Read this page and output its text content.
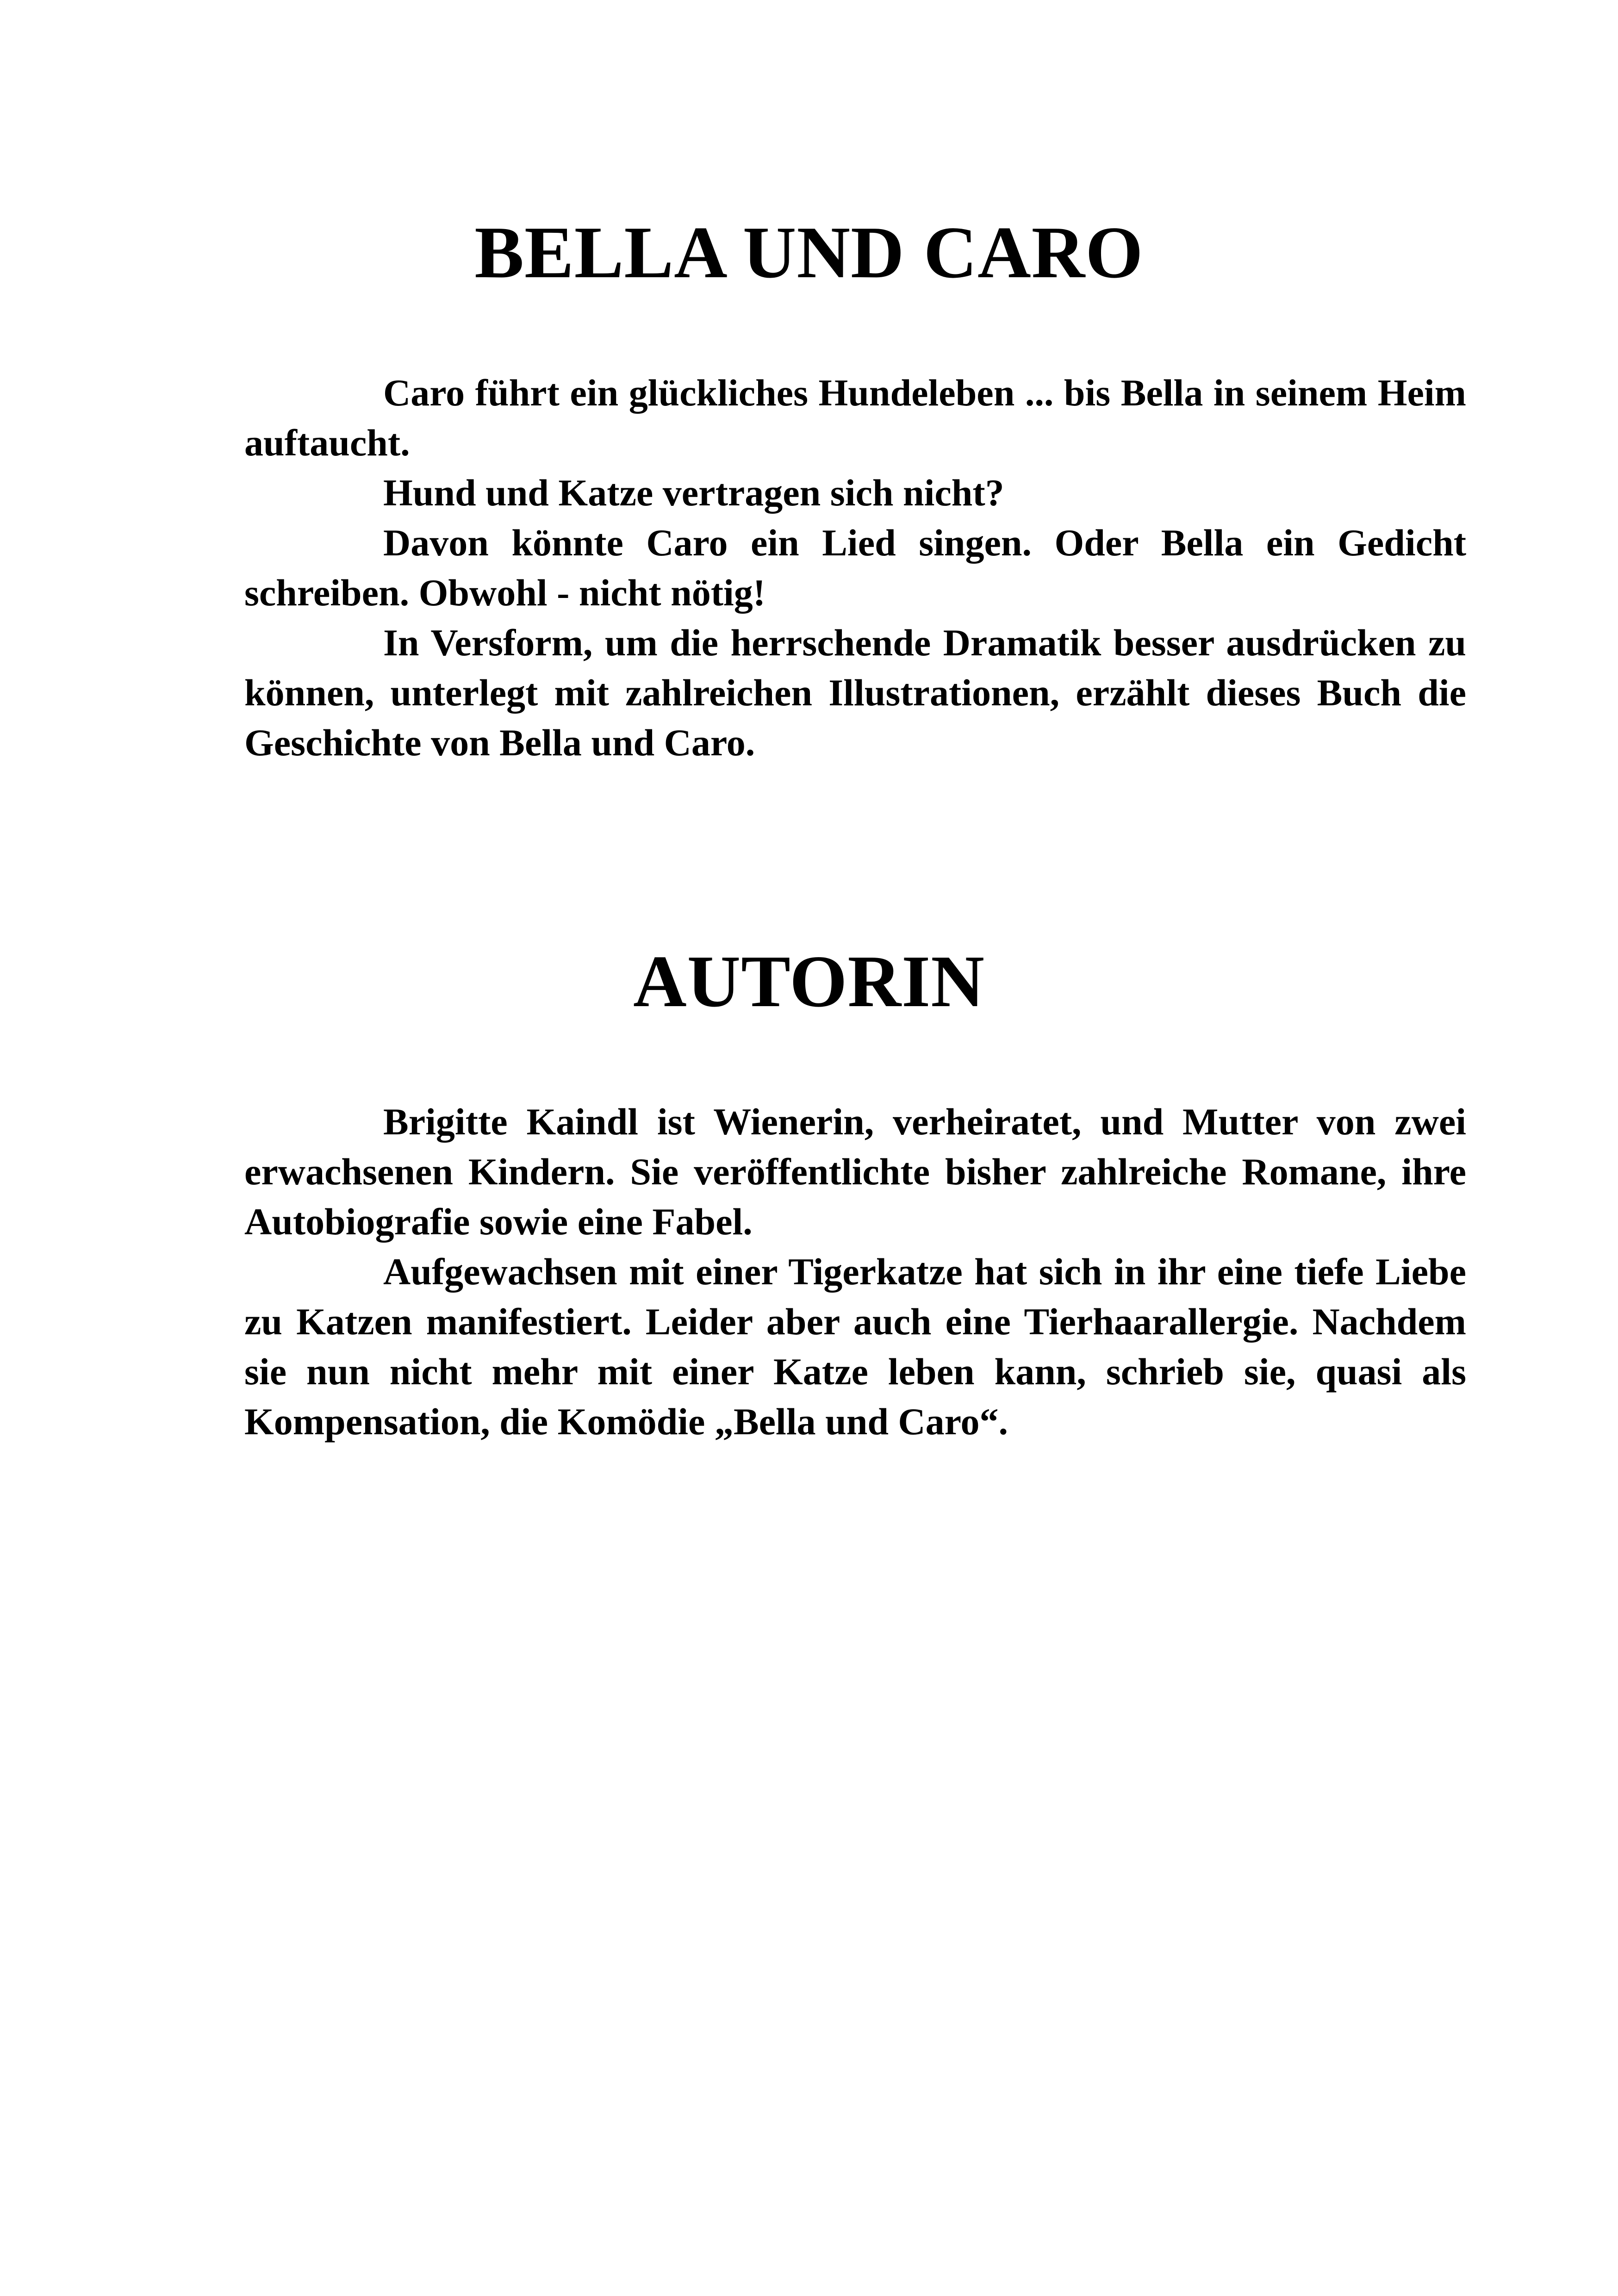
BELLA UND CARO

Caro führt ein glückliches Hundeleben ... bis Bella in seinem Heim auftaucht.

Hund und Katze vertragen sich nicht?

Davon könnte Caro ein Lied singen. Oder Bella ein Gedicht schreiben. Obwohl - nicht nötig!

In Versform, um die herrschende Dramatik besser ausdrücken zu können, unterlegt mit zahlreichen Illustrationen, erzählt dieses Buch die Geschichte von Bella und Caro.

AUTORIN

Brigitte Kaindl ist Wienerin, verheiratet, und Mutter von zwei erwachsenen Kindern. Sie veröffentlichte bisher zahlreiche Romane, ihre Autobiografie sowie eine Fabel.

Aufgewachsen mit einer Tigerkatze hat sich in ihr eine tiefe Liebe zu Katzen manifestiert. Leider aber auch eine Tierhaarallergie. Nachdem sie nun nicht mehr mit einer Katze leben kann, schrieb sie, quasi als Kompensation, die Komödie „Bella und Caro“.
